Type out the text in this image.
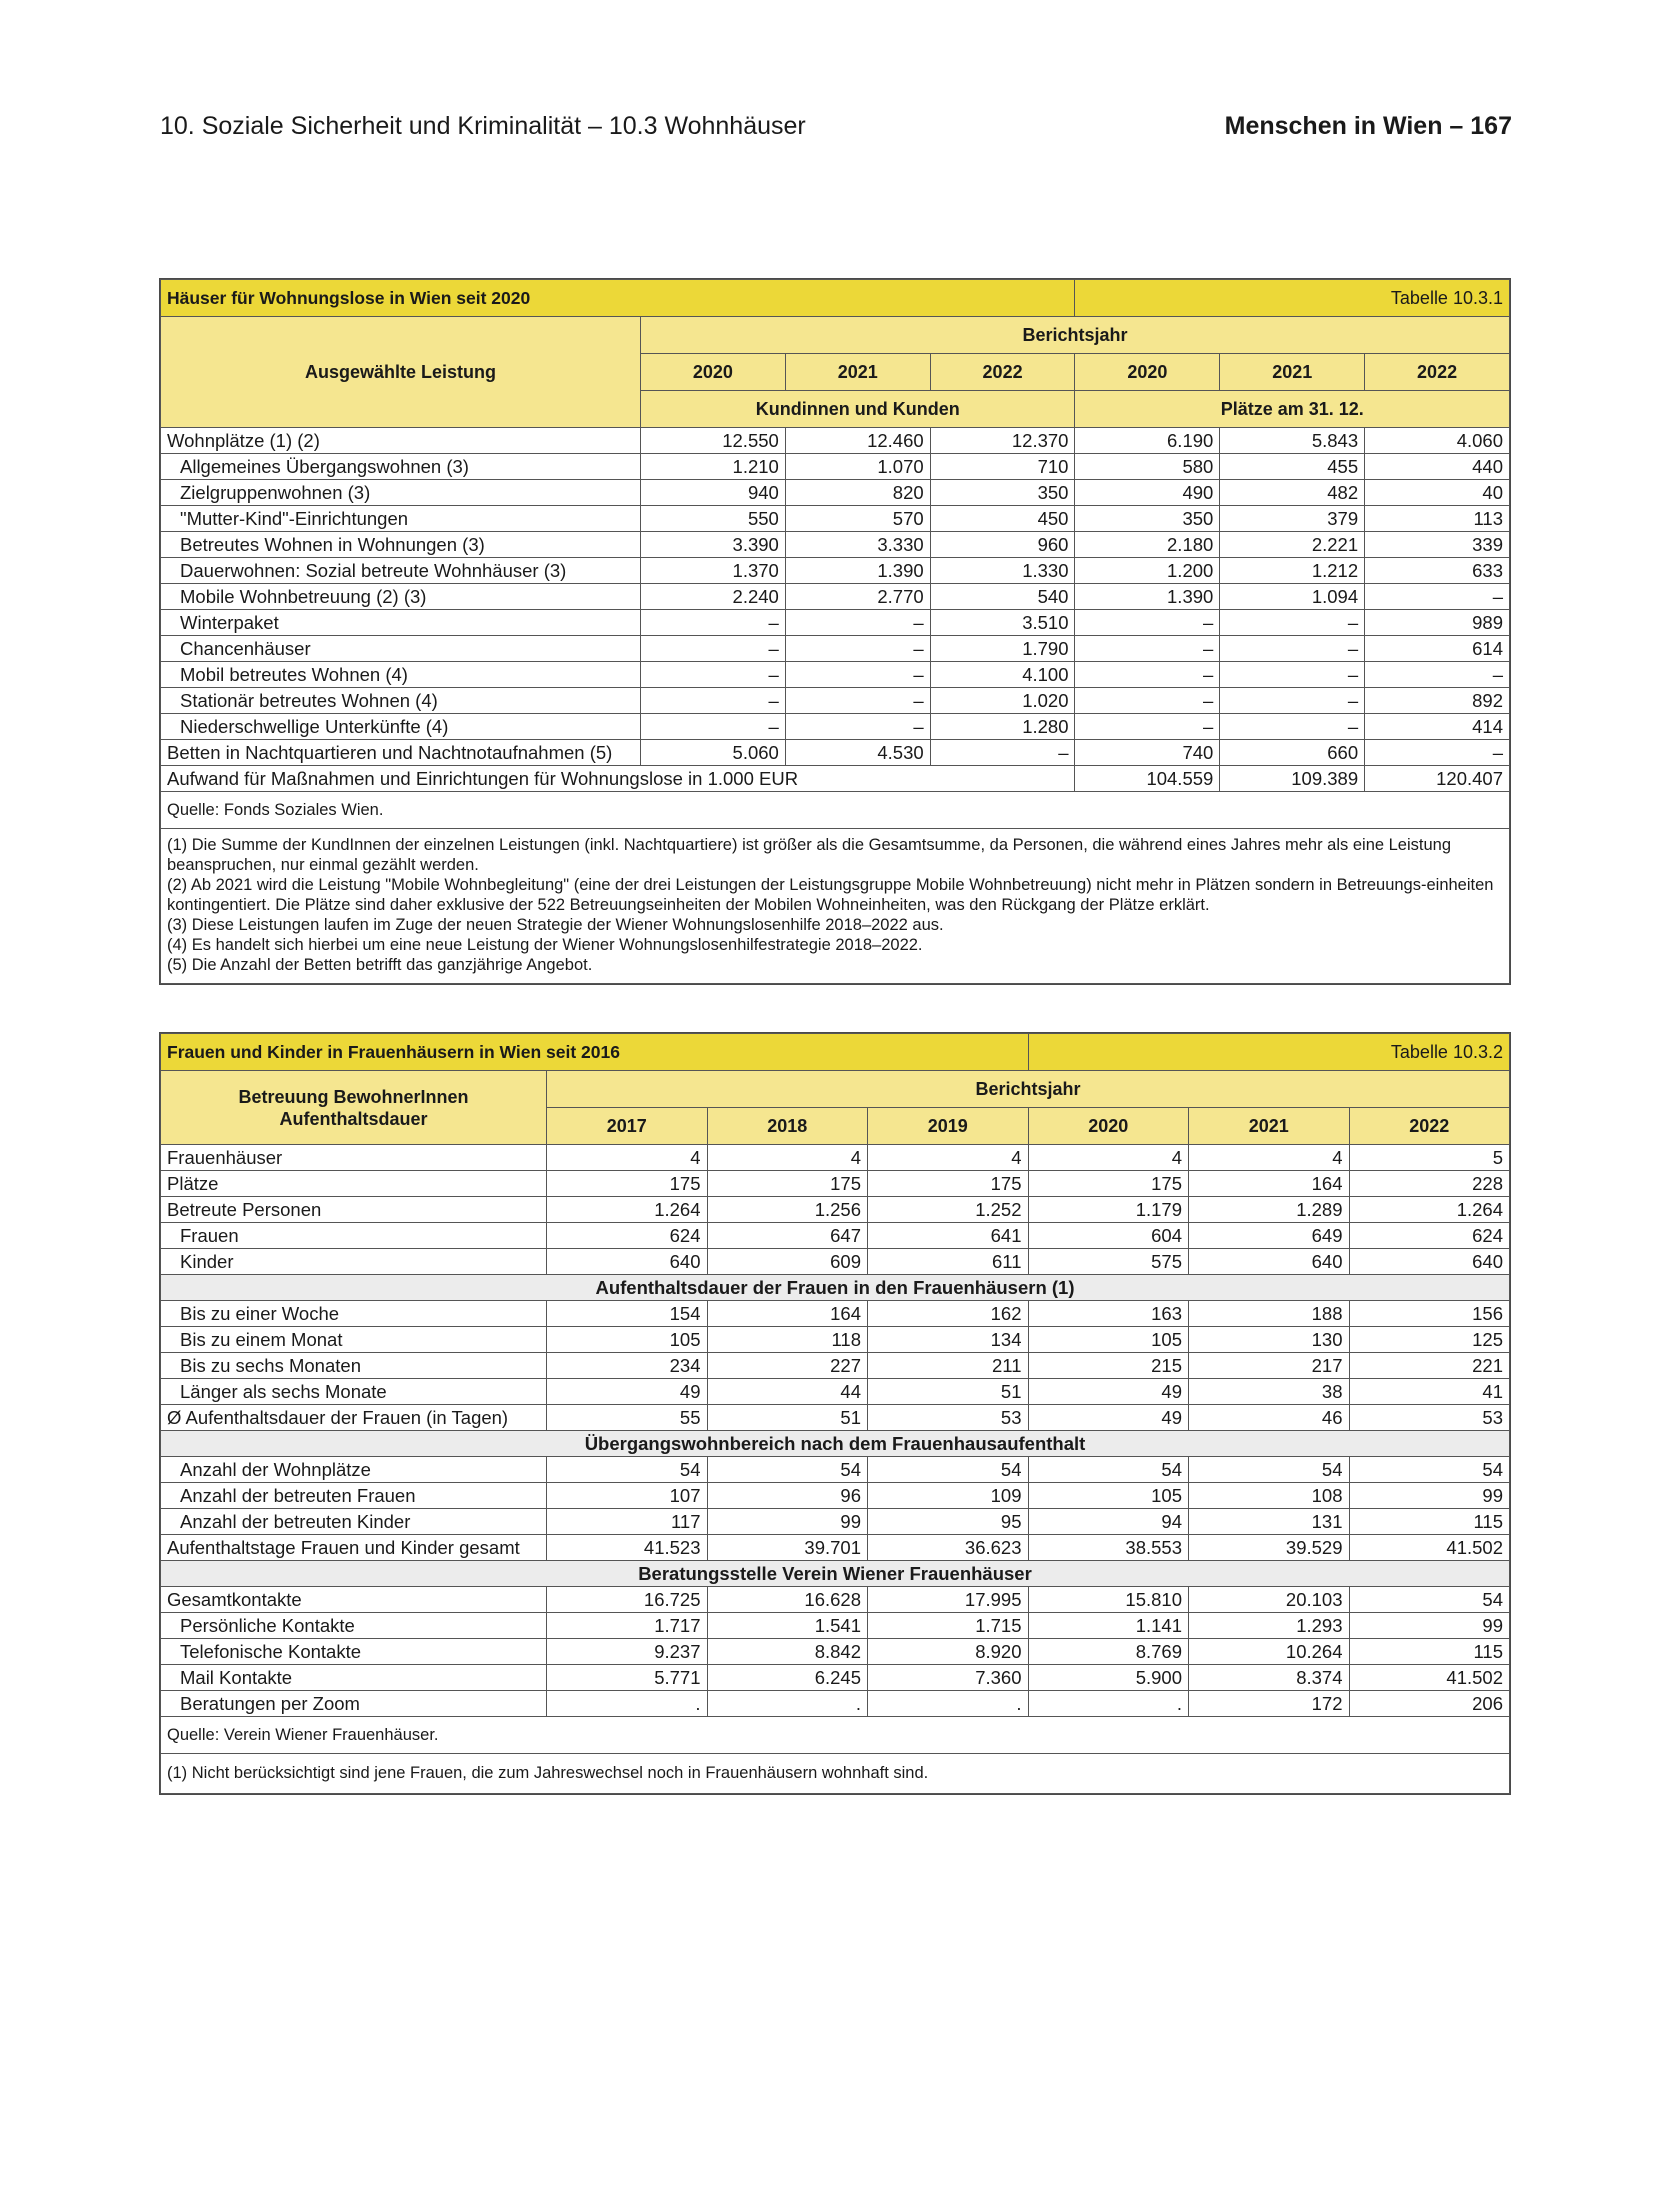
10. Soziale Sicherheit und Kriminalität – 10.3 Wohnhäuser	Menschen in Wien – 167
Häuser für Wohnungslose in Wien seit 2020				Tabelle 10.3.1		
Ausgewählte Leistung	Berichtsjahr					
	2020	2021	2022	2020	2021	2022
	Kundinnen und Kunden			Plätze am 31. 12.		
Wohnplätze (1) (2)	12.550	12.460	12.370	6.190	5.843	4.060
Allgemeines Übergangswohnen (3)	1.210	1.070	710	580	455	440
Zielgruppenwohnen (3)	940	820	350	490	482	40
"Mutter-Kind"-Einrichtungen	550	570	450	350	379	113
Betreutes Wohnen in Wohnungen (3)	3.390	3.330	960	2.180	2.221	339
Dauerwohnen: Sozial betreute Wohnhäuser (3)	1.370	1.390	1.330	1.200	1.212	633
Mobile Wohnbetreuung (2) (3)	2.240	2.770	540	1.390	1.094	–
Winterpaket	–	–	3.510	–	–	989
Chancenhäuser	–	–	1.790	–	–	614
Mobil betreutes Wohnen (4)	–	–	4.100	–	–	–
Stationär betreutes Wohnen (4)	–	–	1.020	–	–	892
Niederschwellige Unterkünfte (4)	–	–	1.280	–	–	414
Betten in Nachtquartieren und Nachtnotaufnahmen (5)	5.060	4.530	–	740	660	–
Aufwand für Maßnahmen und Einrichtungen für Wohnungslose in 1.000 EUR				104.559	109.389	120.407
Quelle: Fonds Soziales Wien.						

(1) Die Summe der KundInnen der einzelnen Leistungen (inkl. Nachtquartiere) ist größer als die Gesamtsumme, da Personen, die während eines Jahres mehr als eine Leistung beanspruchen, nur einmal gezählt werden.
(2) Ab 2021 wird die Leistung "Mobile Wohnbegleitung" (eine der drei Leistungen der Leistungsgruppe Mobile Wohnbetreuung) nicht mehr in Plätzen sondern in Betreuungs-einheiten kontingentiert. Die Plätze sind daher exklusive der 522 Betreuungseinheiten der Mobilen Wohneinheiten, was den Rückgang der Plätze erklärt.
(3) Diese Leistungen laufen im Zuge der neuen Strategie der Wiener Wohnungslosenhilfe 2018–2022 aus.
(4) Es handelt sich hierbei um eine neue Leistung der Wiener Wohnungslosenhilfestrategie 2018–2022.
(5) Die Anzahl der Betten betrifft das ganzjährige Angebot.						
Frauen und Kinder in Frauenhäusern in Wien seit 2016				Tabelle 10.3.2		

Betreuung BewohnerInnen
Aufenthaltsdauer	Berichtsjahr					
	2017	2018	2019	2020	2021	2022
Frauenhäuser	4	4	4	4	4	5
Plätze	175	175	175	175	164	228
Betreute Personen	1.264	1.256	1.252	1.179	1.289	1.264
Frauen	624	647	641	604	649	624
Kinder	640	609	611	575	640	640
Aufenthaltsdauer der Frauen in den Frauenhäusern (1)						
Bis zu einer Woche	154	164	162	163	188	156
Bis zu einem Monat	105	118	134	105	130	125
Bis zu sechs Monaten	234	227	211	215	217	221
Länger als sechs Monate	49	44	51	49	38	41
Ø Aufenthaltsdauer der Frauen (in Tagen)	55	51	53	49	46	53
Übergangswohnbereich nach dem Frauenhausaufenthalt						
Anzahl der Wohnplätze	54	54	54	54	54	54
Anzahl der betreuten Frauen	107	96	109	105	108	99
Anzahl der betreuten Kinder	117	99	95	94	131	115
Aufenthaltstage Frauen und Kinder gesamt	41.523	39.701	36.623	38.553	39.529	41.502
Beratungsstelle Verein Wiener Frauenhäuser						
Gesamtkontakte	16.725	16.628	17.995	15.810	20.103	54
Persönliche Kontakte	1.717	1.541	1.715	1.141	1.293	99
Telefonische Kontakte	9.237	8.842	8.920	8.769	10.264	115
Mail Kontakte	5.771	6.245	7.360	5.900	8.374	41.502
Beratungen per Zoom	.	.	.	.	172	206
Quelle: Verein Wiener Frauenhäuser.						

(1) Nicht berücksichtigt sind jene Frauen, die zum Jahreswechsel noch in Frauenhäusern wohnhaft sind.						
